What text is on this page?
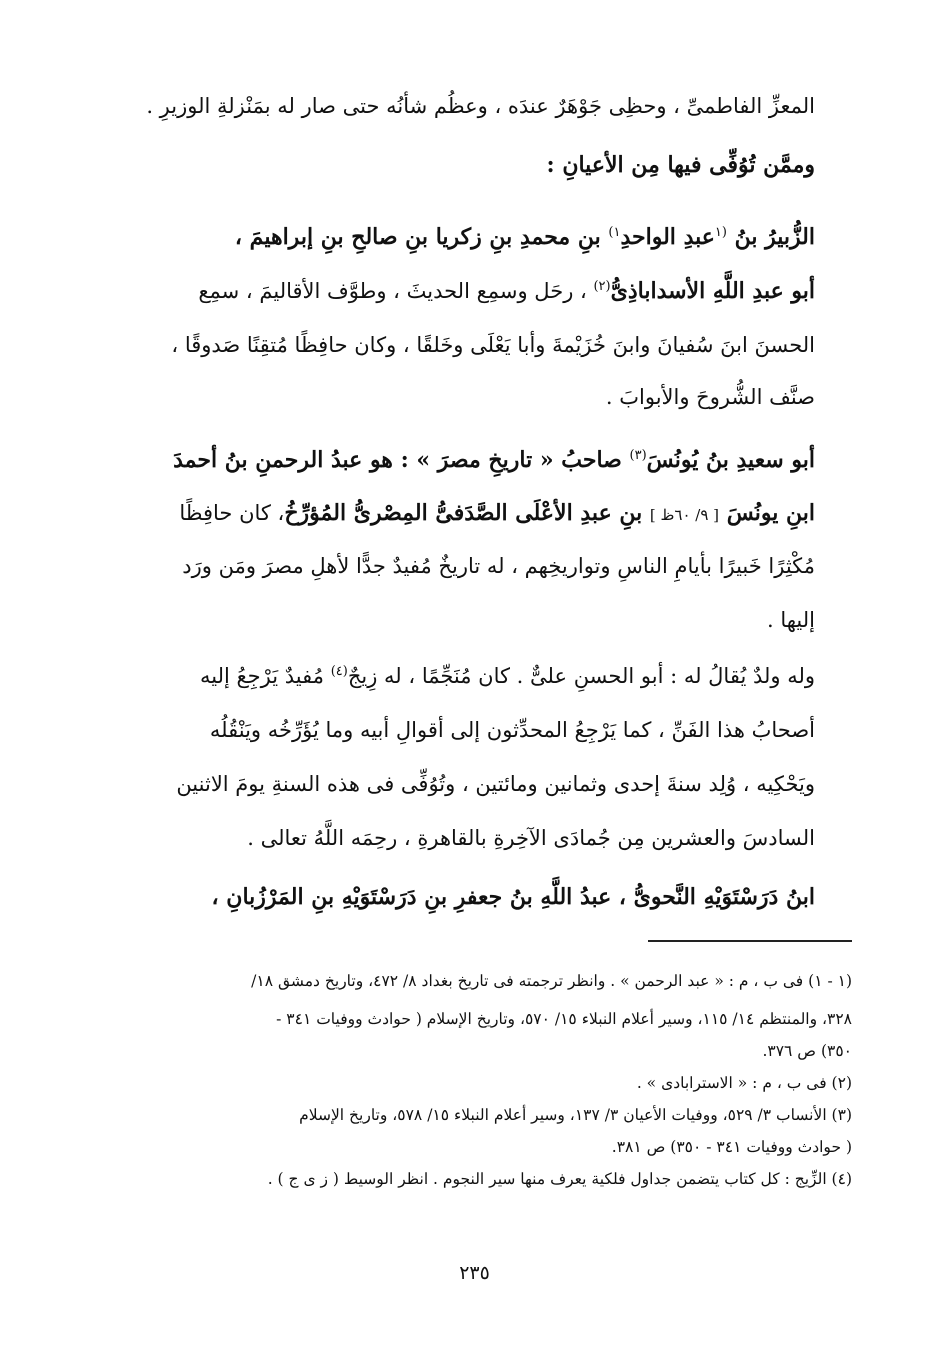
المعزِّ الفاطمىِّ ، وحظِى جَوْهَرٌ عندَه ، وعظُم شأنُه حتى صار له بمَنْزلةِ الوزيرِ .
وممَّن تُوُفِّى فيها مِن الأعيانِ :
الزُّبيرُ بنُ $^{(١}$عبدِ الواحدِ$^{١)}$ بنِ محمدِ بنِ زكريا بنِ صالحِ بنِ إبراهيمَ ،
أبو عبدِ اللَّهِ الأسداباذِىُّ$^{(٢)}$ ، رحَل وسمِع الحديثَ ، وطوَّف الأقاليمَ ، سمِع
الحسنَ ابنَ سُفيانَ وابنَ خُزَيْمةَ وأبا يَعْلَى وخَلقًا ، وكان حافِظًا مُتقِنًا صَدوقًا ،
صنَّف الشُّروحَ والأبوابَ .
أبو سعيدِ بنُ يُونُسَ$^{(٣)}$ صاحبُ « تاريخِ مصرَ » : هو عبدُ الرحمنِ بنُ أحمدَ
ابنِ يونُسَ [ ٩/ ٦٠ظ ] بنِ عبدِ الأعْلَى الصَّدَفىُّ المِصْرىُّ المُؤرِّخُ، كان حافِظًا
مُكْثِرًا خَبيرًا بأيامِ الناسِ وتواريخِهم ، له تاريخٌ مُفيدٌ جدًّا لأهلِ مصرَ ومَن ورَد
إليها .
وله ولدٌ يُقالُ له : أبو الحسنِ علىٌّ . كان مُنَجِّمًا ، له زِيجٌ$^{(٤)}$ مُفيدٌ يَرْجِعُ إليه
أصحابُ هذا الفَنِّ ، كما يَرْجِعُ المحدِّثون إلى أقوالِ أبيه وما يُؤَرِّخُه ويَنْقُلُه
ويَحْكِيه ، وُلِد سنةَ إحدى وثمانين ومائتين ، وتُوُفِّى فى هذه السنةِ يومَ الاثنين
السادسَ والعشرين مِن جُمادَى الآخِرةِ بالقاهرةِ ، رحِمَه اللَّهُ تعالى .
ابنُ دَرَسْتَوَيْهِ النَّحوىُّ ، عبدُ اللَّهِ بنُ جعفرِ بنِ دَرَسْتَوَيْهِ بنِ المَرْزُبانِ ،
(١ - ١) فى ب ، م : « عبد الرحمن » . وانظر ترجمته فى تاريخ بغداد ٨/ ٤٧٢، وتاريخ دمشق ١٨/
٣٢٨، والمنتظم ١٤/ ١١٥، وسير أعلام النبلاء ١٥/ ٥٧٠، وتاريخ الإسلام ( حوادث ووفيات ٣٤١ -
٣٥٠) ص ٣٧٦.
(٢) فى ب ، م : « الاسترابادى » .
(٣) الأنساب ٣/ ٥٢٩، ووفيات الأعيان ٣/ ١٣٧، وسير أعلام النبلاء ١٥/ ٥٧٨، وتاريخ الإسلام
( حوادث ووفيات ٣٤١ - ٣٥٠) ص ٣٨١.
(٤) الزِّيج : كل كتاب يتضمن جداول فلكية يعرف منها سير النجوم . انظر الوسيط ( ز ى ج ) .
٢٣٥
